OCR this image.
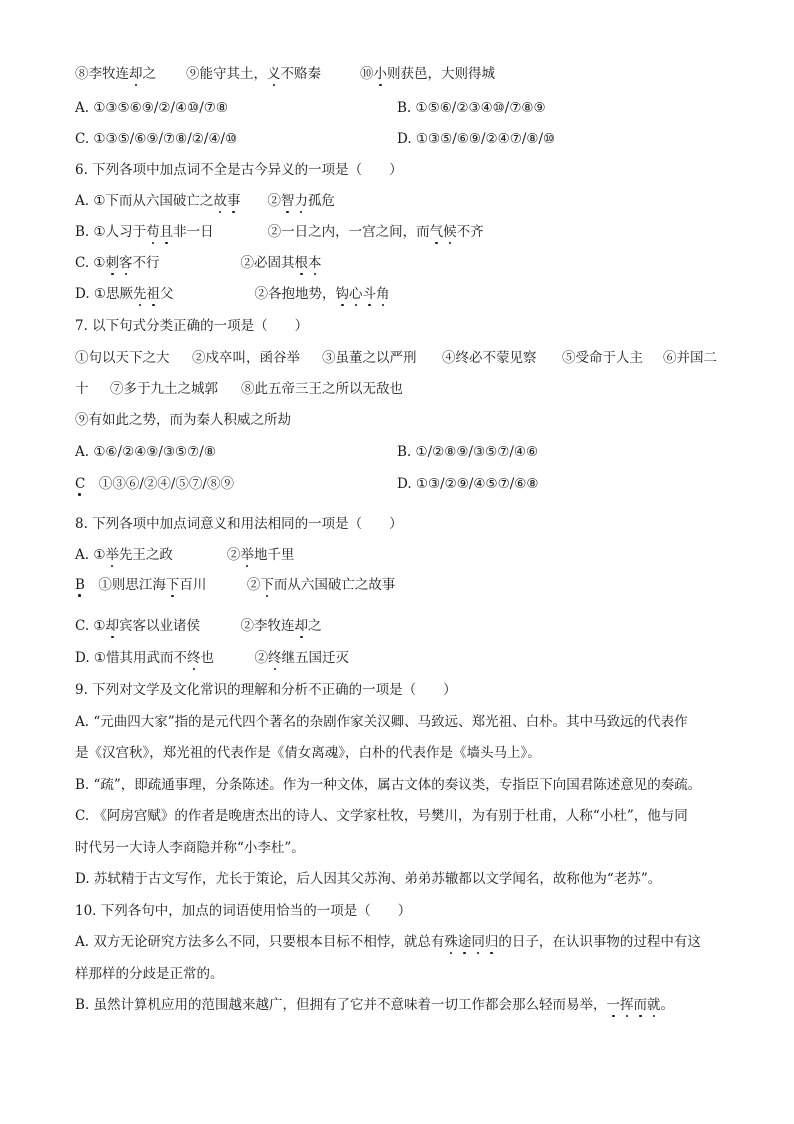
⑧李牧连却之 ⑨能守其土，义不赂秦	⑩小则获邑，大则得城
A. ①③⑤⑥⑨/②/④⑩/⑦⑧	B. ①⑤⑥/②③④⑩/⑦⑧⑨
C. ①③⑤/⑥⑨/⑦⑧/②/④/⑩	D. ①③⑤/⑥⑨/②④⑦/⑧/⑩
6. 下列各项中加点词不全是古今异义的一项是（　　）
A. ①下而从六国破亡之故事　　②智力孤危
B. ①人习于苟且非一日　　　　②一日之内，一宫之间，而气候不齐
C. ①刺客不行　　　　　　②必固其根本
D. ①思厥先祖父　　　　　　②各抱地势，钩心斗角
7. 以下句式分类正确的一项是（　　）
①句以天下之大 ②戍卒叫，函谷举 ③虽董之以严刑 ④终必不蒙见察 ⑤受命于人主 ⑥并国二
十 ⑦多于九土之城郭 ⑧此五帝三王之所以无敌也
⑨有如此之势，而为秦人积威之所劫
A. ①⑥/②④⑨/③⑤⑦/⑧	B. ①/②⑧⑨/③⑤⑦/④⑥
C　①③⑥/②④/⑤⑦/⑧⑨	D. ①③/②⑨/④⑤⑦/⑥⑧
8. 下列各项中加点词意义和用法相同的一项是（　　）
A. ①举先王之政　　　　②举地千里
B　①则思江海下百川　　　②下而从六国破亡之故事
C. ①却宾客以业诸侯　　　②李牧连却之
D. ①惜其用武而不终也　　　②终继五国迁灭
9. 下列对文学及文化常识的理解和分析不正确的一项是（　　）
A. “元曲四大家”指的是元代四个著名的杂剧作家关汉卿、马致远、郑光祖、白朴。其中马致远的代表作
是《汉宫秋》，郑光祖的代表作是《倩女离魂》，白朴的代表作是《墙头马上》。
B. “疏”，即疏通事理，分条陈述。作为一种文体，属古文体的奏议类，专指臣下向国君陈述意见的奏疏。
C. 《阿房宫赋》的作者是晚唐杰出的诗人、文学家杜牧，号樊川，为有别于杜甫，人称“小杜”，他与同
时代另一大诗人李商隐并称“小李杜”。
D. 苏轼精于古文写作，尤长于策论，后人因其父苏洵、弟弟苏辙都以文学闻名，故称他为“老苏”。
10. 下列各句中，加点的词语使用恰当的一项是（　　）
A. 双方无论研究方法多么不同，只要根本目标不相悖，就总有殊途同归的日子，在认识事物的过程中有这
样那样的分歧是正常的。
B. 虽然计算机应用的范围越来越广，但拥有了它并不意味着一切工作都会那么轻而易举，一挥而就。
